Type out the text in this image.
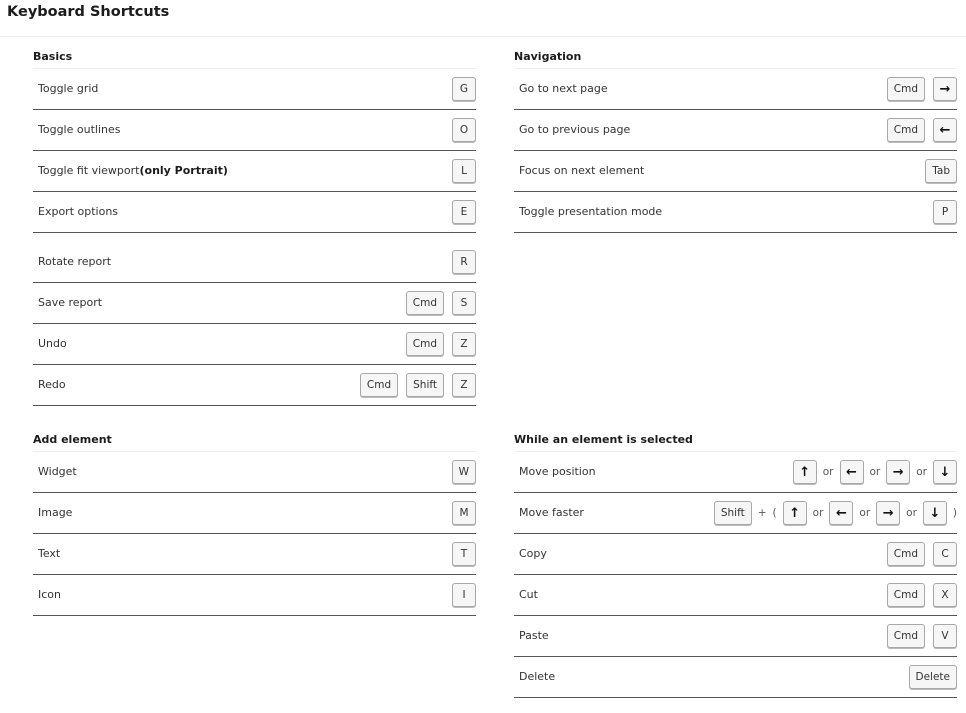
Keyboard Shortcuts
Basics
Toggle grid	G
Toggle outlines	O
Toggle fit viewport(only Portrait)	L
Export options	E
Rotate report	R
Save report	Cmd	S
Undo	Cmd	Z
Redo	Cmd	Shift	Z
Navigation
Go to next page	Cmd	→
Go to previous page	Cmd	←
Focus on next element	Tab
Toggle presentation mode	P
Add element
Widget	W
Image	M
Text	T
Icon	I
While an element is selected
Move position	↑	or ←	or →	or ↓
Move faster	Shift	+ ( ↑	or ←	or →	or ↓	)
Copy	Cmd	C
Cut	Cmd	X
Paste	Cmd	V
Delete	Delete
